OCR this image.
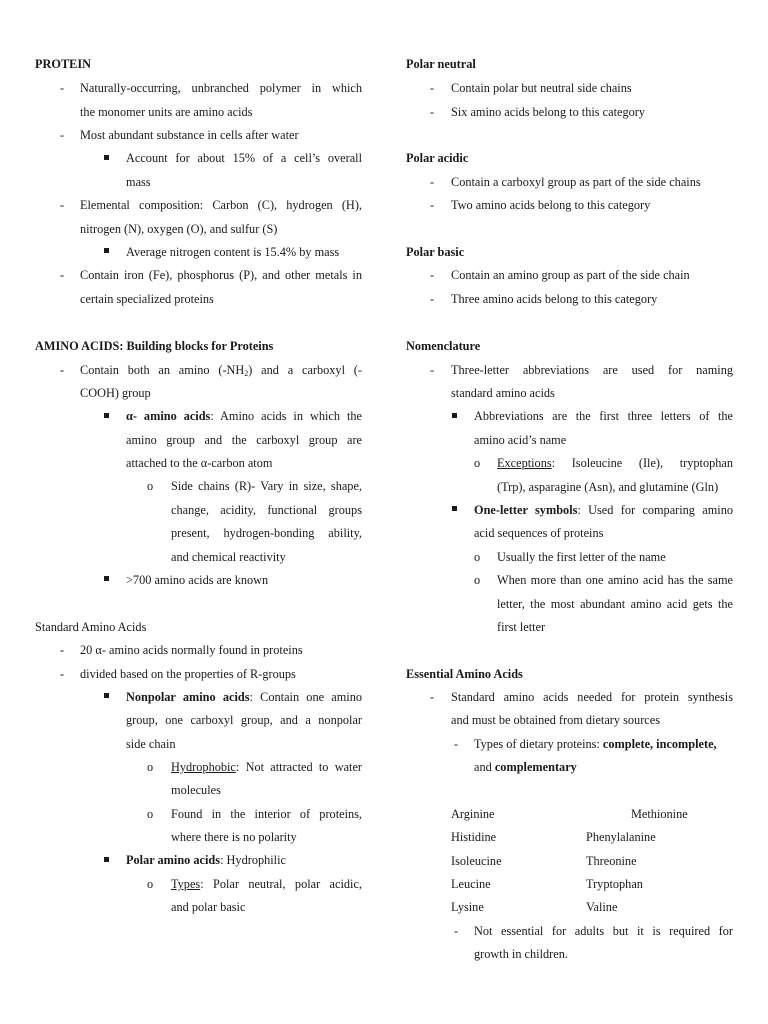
PROTEIN
- Naturally-occurring, unbranched polymer in which
the monomer units are amino acids
- Most abundant substance in cells after water
Account for about 15% of a cell’s overall
mass
- Elemental composition: Carbon (C), hydrogen (H),
nitrogen (N), oxygen (O), and sulfur (S)
Average nitrogen content is 15.4% by mass
- Contain iron (Fe), phosphorus (P), and other metals in
certain specialized proteins
AMINO ACIDS: Building blocks for Proteins
- Contain both an amino $(-NH_2)$ and a carboxyl (-
COOH) group
α- amino acids: Amino acids in which the
amino group and the carboxyl group are
attached to the α-carbon atom
o Side chains (R)- Vary in size, shape,
change, acidity, functional groups
present, hydrogen-bonding ability,
and chemical reactivity
>700 amino acids are known
Standard Amino Acids
- 20 α- amino acids normally found in proteins
- divided based on the properties of R-groups
Nonpolar amino acids: Contain one amino
group, one carboxyl group, and a nonpolar
side chain
o Hydrophobic: Not attracted to water
molecules
o Found in the interior of proteins,
where there is no polarity
Polar amino acids: Hydrophilic
o Types: Polar neutral, polar acidic,
and polar basic
Polar neutral
- Contain polar but neutral side chains
- Six amino acids belong to this category
Polar acidic
- Contain a carboxyl group as part of the side chains
- Two amino acids belong to this category
Polar basic
- Contain an amino group as part of the side chain
- Three amino acids belong to this category
Nomenclature
- Three-letter abbreviations are used for naming
standard amino acids
Abbreviations are the first three letters of the
amino acid’s name
o Exceptions: Isoleucine (Ile), tryptophan
(Trp), asparagine (Asn), and glutamine (Gln)
One-letter symbols: Used for comparing amino
acid sequences of proteins
o Usually the first letter of the name
o When more than one amino acid has the same
letter, the most abundant amino acid gets the
first letter
Essential Amino Acids
- Standard amino acids needed for protein synthesis
and must be obtained from dietary sources
- Types of dietary proteins: complete, incomplete,
and complementary
Arginine
Histidine
Isoleucine
Leucine
Lysine
Methionine
Phenylalanine
Threonine
Tryptophan
Valine
- Not essential for adults but it is required for
growth in children.
